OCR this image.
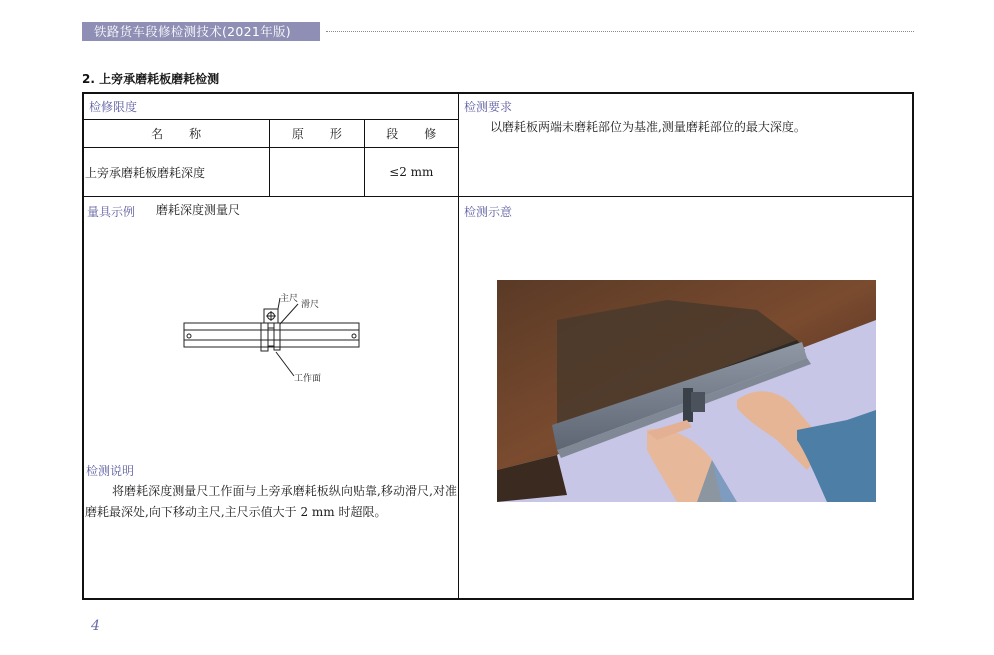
铁路货车段修检测技术(2021年版)
2. 上旁承磨耗板磨耗检测
检修限度
名称	原形	段修
上旁承磨耗板磨耗深度		≤2 mm
检测要求
以磨耗板两端未磨耗部位为基准,测量磨耗部位的最大深度。
量具示例 磨耗深度测量尺
主尺
滑尺
工作面
检测说明
将磨耗深度测量尺工作面与上旁承磨耗板纵向贴靠,移动滑尺,对准磨耗最深处,向下移动主尺,主尺示值大于 2 mm 时超限。
检测示意
4
